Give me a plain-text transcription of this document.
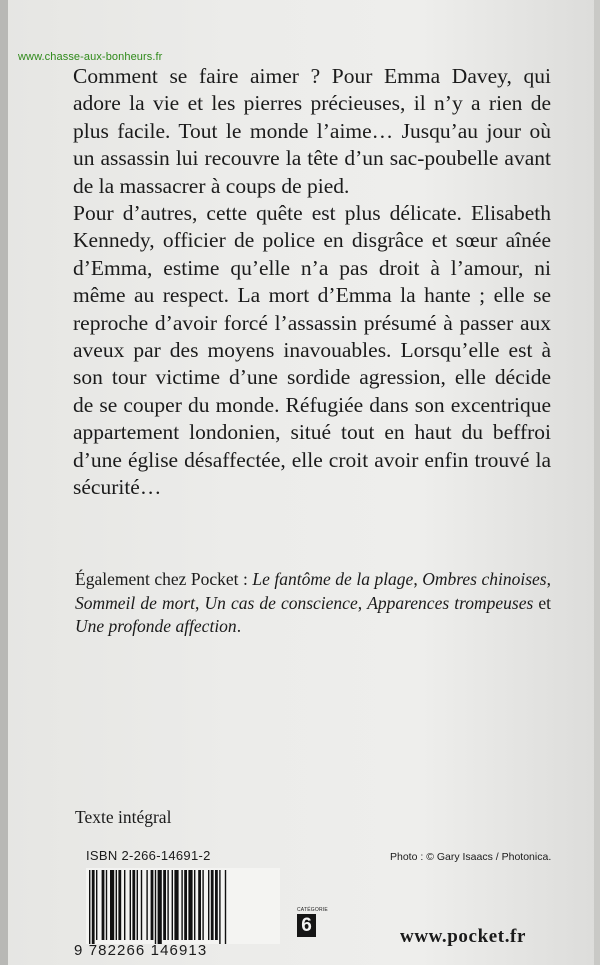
www.chasse-aux-bonheurs.fr

Comment se faire aimer ? Pour Emma Davey, qui adore la vie et les pierres précieuses, il n’y a rien de plus facile. Tout le monde l’aime… Jusqu’au jour où un assassin lui recouvre la tête d’un sac-poubelle avant de la massacrer à coups de pied.

Pour d’autres, cette quête est plus délicate. Elisabeth Kennedy, officier de police en disgrâce et sœur aînée d’Emma, estime qu’elle n’a pas droit à l’amour, ni même au respect. La mort d’Emma la hante ; elle se reproche d’avoir forcé l’assassin présumé à passer aux aveux par des moyens inavouables. Lorsqu’elle est à son tour victime d’une sordide agression, elle décide de se couper du monde. Réfugiée dans son excentrique appartement londonien, situé tout en haut du beffroi d’une église désaffectée, elle croit avoir enfin trouvé la sécurité…

Également chez Pocket : Le fantôme de la plage, Ombres chinoises, Sommeil de mort, Un cas de conscience, Apparences trompeuses et Une profonde affection.

Texte intégral
ISBN 2-266-14691-2	Photo : © Gary Isaacs / Photonica.
9 782266 146913
CATÉGORIE
6
www.pocket.fr
